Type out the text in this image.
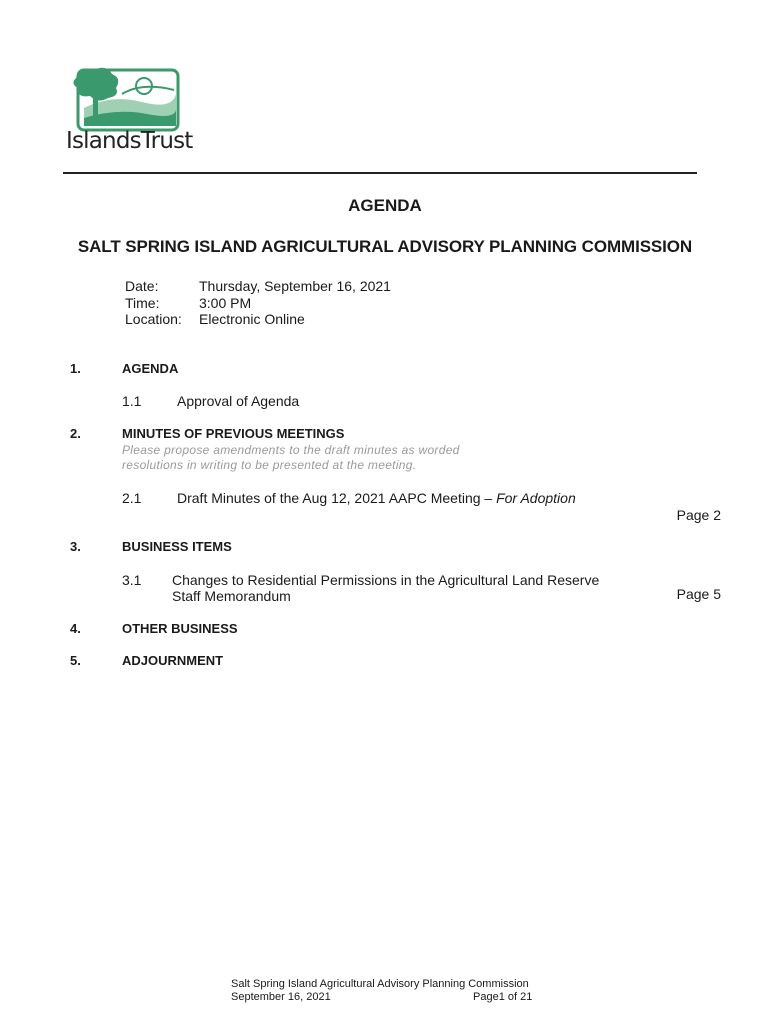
IslandsTrust
AGENDA
SALT SPRING ISLAND AGRICULTURAL ADVISORY PLANNING COMMISSION
Date:	Thursday, September 16, 2021
Time:	3:00 PM
Location: Electronic Online
1.	AGENDA
1.1	Approval of Agenda
2.	MINUTES OF PREVIOUS MEETINGS
Please propose amendments to the draft minutes as worded
resolutions in writing to be presented at the meeting.
2.1	Draft Minutes of the Aug 12, 2021 AAPC Meeting – For Adoption
Page 2
3.	BUSINESS ITEMS
3.1 Changes to Residential Permissions in the Agricultural Land Reserve
Staff Memorandum	Page 5
4.	OTHER BUSINESS
5.	ADJOURNMENT
Salt Spring Island Agricultural Advisory Planning Commission
September 16, 2021	Page1 of 21
